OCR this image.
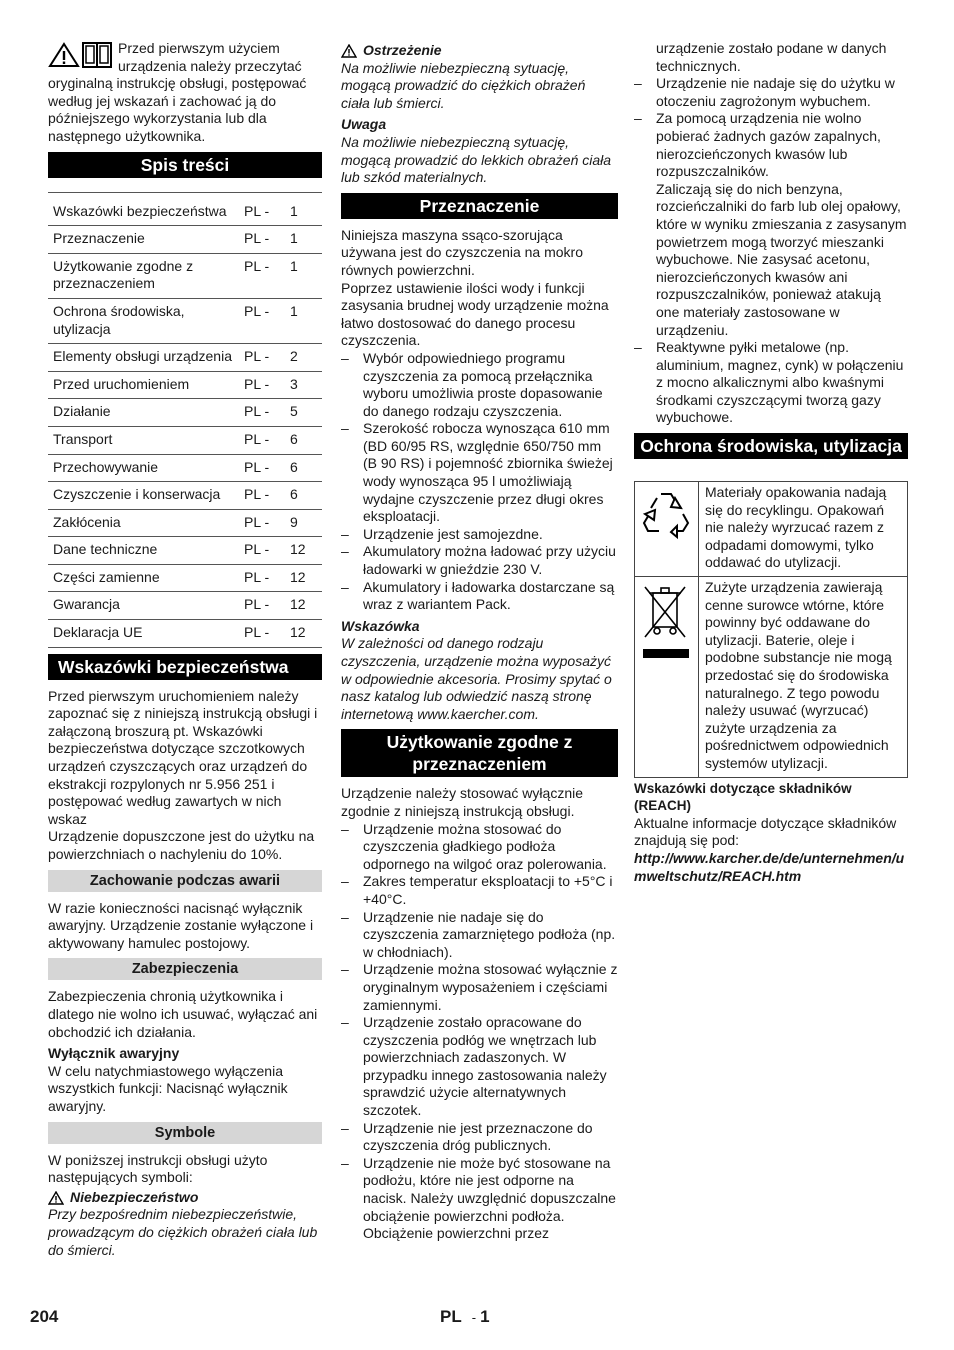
Przed pierwszym użyciem urządzenia należy przeczytać oryginalną instrukcję obsługi, postępować według jej wskazań i zachować ją do późniejszego wykorzystania lub dla następnego użytkownika.

Spis treści
Wskazówki bezpieczeństwa	PL -	1
Przeznaczenie	PL -	1
Użytkowanie zgodne z przeznaczeniem	PL -	1
Ochrona środowiska, utylizacja	PL -	1
Elementy obsługi urządzenia	PL -	2
Przed uruchomieniem	PL -	3
Działanie	PL -	5
Transport	PL -	6
Przechowywanie	PL -	6
Czyszczenie i konserwacja	PL -	6
Zakłócenia	PL -	9
Dane techniczne	PL -	12
Części zamienne	PL -	12
Gwarancja	PL -	12
Deklaracja UE	PL -	12
Wskazówki bezpieczeństwa

Przed pierwszym uruchomieniem należy zapoznać się z niniejszą instrukcją obsługi i załączoną broszurą pt. Wskazówki bezpieczeństwa dotyczące szczotkowych urządzeń czyszczących oraz urządzeń do ekstrakcji rozpylonych nr 5.956 251 i postępować według zawartych w nich wskaz

Urządzenie dopuszczone jest do użytku na powierzchniach o nachyleniu do 10%.

Zachowanie podczas awarii

W razie konieczności nacisnąć wyłącznik awaryjny. Urządzenie zostanie wyłączone i aktywowany hamulec postojowy.

Zabezpieczenia

Zabezpieczenia chronią użytkownika i dlatego nie wolno ich usuwać, wyłączać ani obchodzić ich działania.

Wyłącznik awaryjny

W celu natychmiastowego wyłączenia wszystkich funkcji: Nacisnąć wyłącznik awaryjny.

Symbole

W poniższej instrukcji obsługi użyto następujących symboli:

Niebezpieczeństwo

Przy bezpośrednim niebezpieczeństwie, prowadzącym do ciężkich obrażeń ciała lub do śmierci.

Ostrzeżenie

Na możliwie niebezpieczną sytuację, mogącą prowadzić do ciężkich obrażeń ciała lub śmierci.

Uwaga

Na możliwie niebezpieczną sytuację, mogącą prowadzić do lekkich obrażeń ciała lub szkód materialnych.

Przeznaczenie

Niniejsza maszyna ssąco-szorująca używana jest do czyszczenia na mokro równych powierzchni.

Poprzez ustawienie ilości wody i funkcji zasysania brudnej wody urządzenie można łatwo dostosować do danego procesu czyszczenia.

– Wybór odpowiedniego programu czyszczenia za pomocą przełącznika wyboru umożliwia proste dopasowanie do danego rodzaju czyszczenia.
– Szerokość robocza wynosząca 610 mm (BD 60/95 RS, względnie 650/750 mm (B 90 RS) i pojemność zbiornika świeżej wody wynosząca 95 l umożliwiają wydajne czyszczenie przez długi okres eksploatacji.
– Urządzenie jest samojezdne.
– Akumulatory można ładować przy użyciu ładowarki w gnieździe 230 V.
– Akumulatory i ładowarka dostarczane są wraz z wariantem Pack.

Wskazówka

W zależności od danego rodzaju czyszczenia, urządzenie można wyposażyć w odpowiednie akcesoria. Prosimy spytać o nasz katalog lub odwiedzić naszą stronę internetową www.kaercher.com.

Użytkowanie zgodne z przeznaczeniem

Urządzenie należy stosować wyłącznie zgodnie z niniejszą instrukcją obsługi.

– Urządzenie można stosować do czyszczenia gładkiego podłoża odpornego na wilgoć oraz polerowania.
– Zakres temperatur eksploatacji to +5°C i +40°C.
– Urządzenie nie nadaje się do czyszczenia zamarzniętego podłoża (np. w chłodniach).
– Urządzenie można stosować wyłącznie z oryginalnym wyposażeniem i częściami zamiennymi.
– Urządzenie zostało opracowane do czyszczenia podłóg we wnętrzach lub powierzchniach zadaszonych. W przypadku innego zastosowania należy sprawdzić użycie alternatywnych szczotek.
– Urządzenie nie jest przeznaczone do czyszczenia dróg publicznych.
– Urządzenie nie może być stosowane na podłożu, które nie jest odporne na nacisk. Należy uwzględnić dopuszczalne obciążenie powierzchni podłoża. Obciążenie powierzchni przez

urządzenie zostało podane w danych technicznych.

– Urządzenie nie nadaje się do użytku w otoczeniu zagrożonym wybuchem.
– Za pomocą urządzenia nie wolno pobierać żadnych gazów zapalnych, nierozcieńczonych kwasów lub rozpuszczalników.
Zaliczają się do nich benzyna, rozcieńczalniki do farb lub olej opałowy, które w wyniku zmieszania z zasysanym powietrzem mogą tworzyć mieszanki wybuchowe. Nie zasysać acetonu, nierozcieńczonych kwasów ani rozpuszczalników, ponieważ atakują one materiały zastosowane w urządzeniu.
– Reaktywne pyłki metalowe (np. aluminium, magnez, cynk) w połączeniu z mocno alkalicznymi albo kwaśnymi środkami czyszczącymi tworzą gazy wybuchowe.
Ochrona środowiska, utylizacja
	Materiały opakowania nadają się do recyklingu. Opakowań nie należy wyrzucać razem z odpadami domowymi, tylko oddawać do utylizacji.
	Zużyte urządzenia zawierają cenne surowce wtórne, które powinny być oddawane do utylizacji. Baterie, oleje i podobne substancje nie mogą przedostać się do środowiska naturalnego. Z tego powodu należy usuwać (wyrzucać) zużyte urządzenia za pośrednictwem odpowiednich systemów utylizacji.

Wskazówki dotyczące składników (REACH)

Aktualne informacje dotyczące składników znajdują się pod:

http://www.karcher.de/de/unternehmen/umweltschutz/REACH.htm
204	PL - 1
